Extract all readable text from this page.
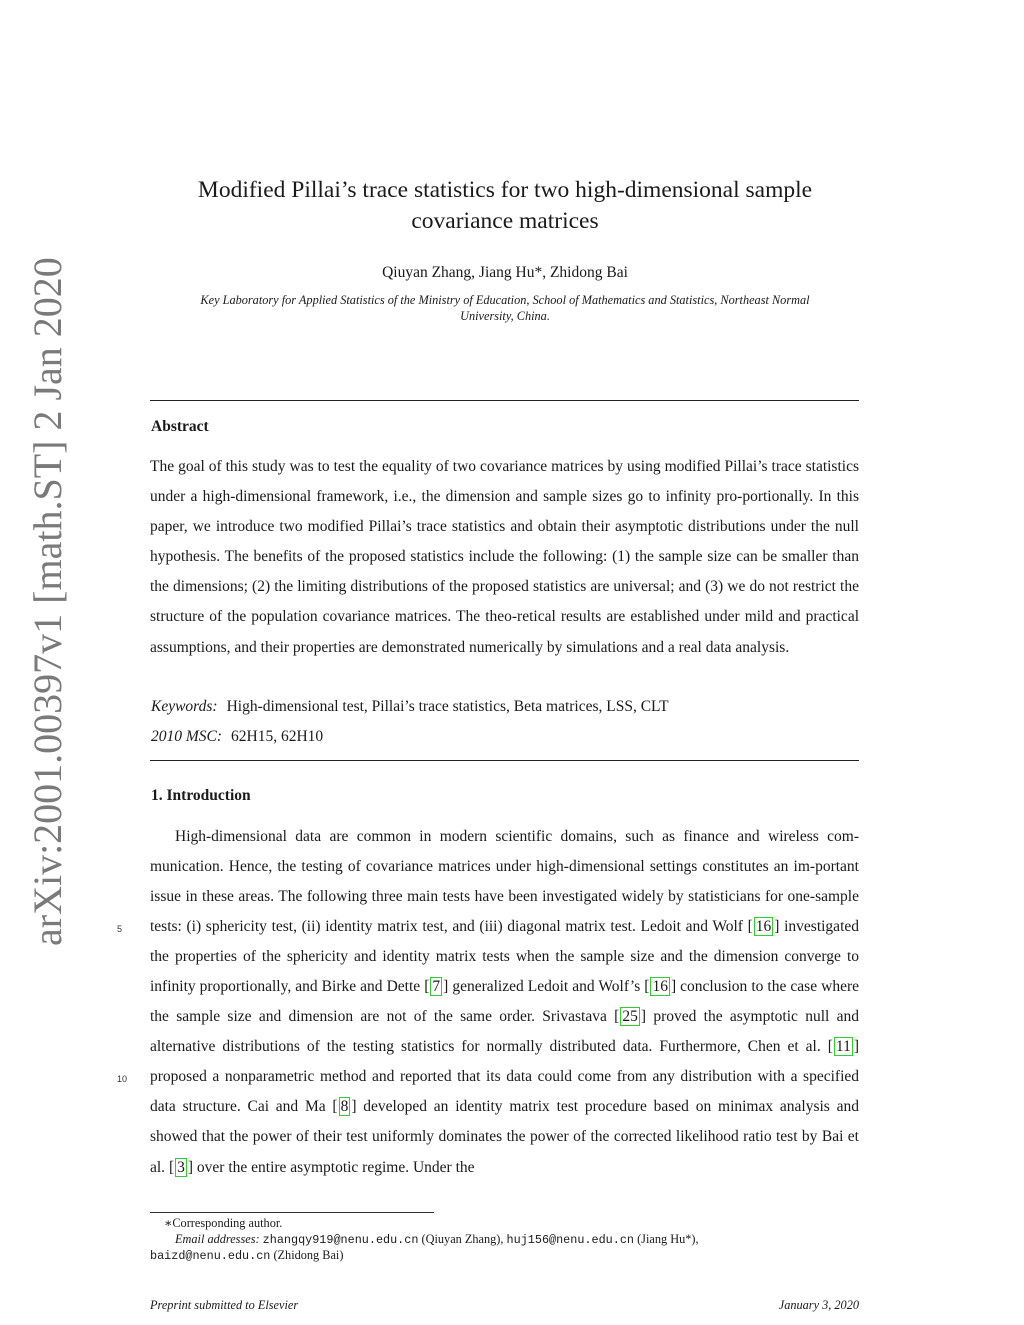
arXiv:2001.00397v1 [math.ST] 2 Jan 2020
Modified Pillai’s trace statistics for two high-dimensional sample
covariance matrices
Qiuyan Zhang, Jiang Hu*, Zhidong Bai
Key Laboratory for Applied Statistics of the Ministry of Education, School of Mathematics and Statistics, Northeast Normal
University, China.
Abstract

The goal of this study was to test the equality of two covariance matrices by using modified Pillai’s trace statistics under a high-dimensional framework, i.e., the dimension and sample sizes go to infinity pro-portionally. In this paper, we introduce two modified Pillai’s trace statistics and obtain their asymptotic distributions under the null hypothesis. The benefits of the proposed statistics include the following: (1) the sample size can be smaller than the dimensions; (2) the limiting distributions of the proposed statistics are universal; and (3) we do not restrict the structure of the population covariance matrices. The theo-retical results are established under mild and practical assumptions, and their properties are demonstrated numerically by simulations and a real data analysis.

Keywords: High-dimensional test, Pillai’s trace statistics, Beta matrices, LSS, CLT
2010 MSC: 62H15, 62H10
1. Introduction

High-dimensional data are common in modern scientific domains, such as finance and wireless com-munication. Hence, the testing of covariance matrices under high-dimensional settings constitutes an im-portant issue in these areas. The following three main tests have been investigated widely by statisticians for one-sample tests: (i) sphericity test, (ii) identity matrix test, and (iii) diagonal matrix test. Ledoit and Wolf [ 16 ] investigated the properties of the sphericity and identity matrix tests when the sample size and the dimension converge to infinity proportionally, and Birke and Dette [ 7 ] generalized Ledoit and Wolf’s [ 16 ] conclusion to the case where the sample size and dimension are not of the same order. Srivastava [ 25 ] proved the asymptotic null and alternative distributions of the testing statistics for normally distributed data. Furthermore, Chen et al. [ 11 ] proposed a nonparametric method and reported that its data could come from any distribution with a specified data structure. Cai and Ma [ 8 ] developed an identity matrix test procedure based on minimax analysis and showed that the power of their test uniformly dominates the power of the corrected likelihood ratio test by Bai et al. [ 3 ] over the entire asymptotic regime. Under the

5
10
∗Corresponding author.
Email addresses: zhangqy919@nenu.edu.cn (Qiuyan Zhang), huj156@nenu.edu.cn (Jiang Hu*),
baizd@nenu.edu.cn (Zhidong Bai)
Preprint submitted to Elsevier	January 3, 2020
